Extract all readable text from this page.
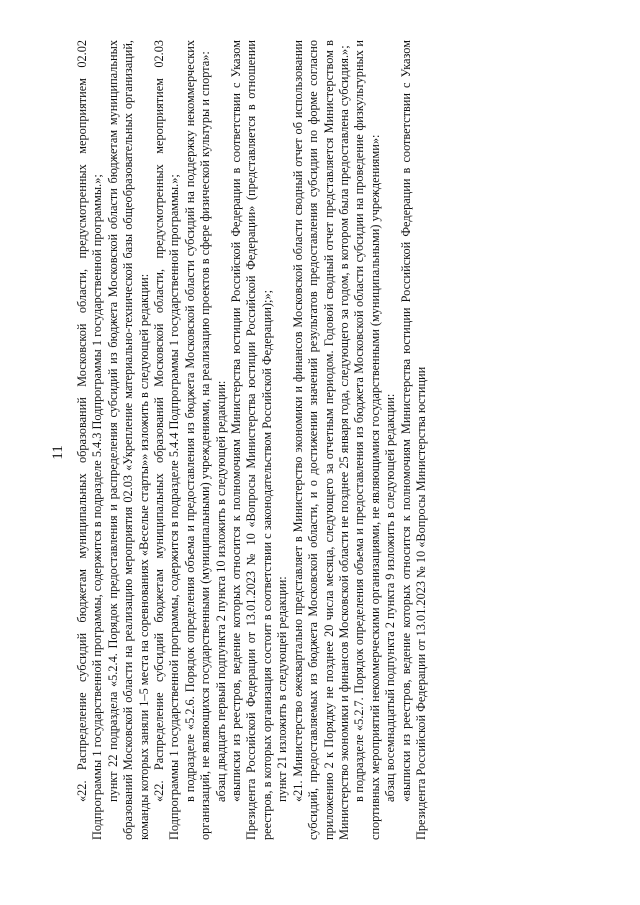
11 «22. Распределение субсидий бюджетам муниципальных образований Московской области, предусмотренных мероприятием 02.02 Подпрограммы 1 государственной программы, содержится в подразделе 5.4.3 Подпрограммы 1 государственной программы.»; пункт 22 подраздела «5.2.4. Порядок предоставления и распределения субсидий из бюджета Московской области бюджетам муниципальных образований Московской области на реализацию мероприятия 02.03 «Укрепление материально-технической базы общеобразовательных организаций, команды которых заняли 1–5 места на соревнованиях «Веселые старты»» изложить в следующей редакции: «22. Распределение субсидий бюджетам муниципальных образований Московской области, предусмотренных мероприятием 02.03 Подпрограммы 1 государственной программы, содержится в подразделе 5.4.4 Подпрограммы 1 государственной программы.»; в подразделе «5.2.6. Порядок определения объема и предоставления из бюджета Московской области субсидий на поддержку некоммерческих организаций, не являющихся государственными (муниципальными) учреждениями, на реализацию проектов в сфере физической культуры и спорта»: абзац двадцать первый подпункта 2 пункта 10 изложить в следующей редакции: «выписки из реестров, ведение которых относится к полномочиям Министерства юстиции Российской Федерации в соответствии с Указом Президента Российской Федерации от 13.01.2023 № 10 «Вопросы Министерства юстиции Российской Федерации» (представляется в отношении реестров, в которых организация состоит в соответствии с законодательством Российской Федерации);»; пункт 21 изложить в следующей редакции: «21. Министерство ежеквартально представляет в Министерство экономики и финансов Московской области сводный отчет об использовании субсидий, предоставляемых из бюджета Московской области, и о достижении значений результатов предоставления субсидии по форме согласно приложению 2 к Порядку не позднее 20 числа месяца, следующего за отчетным периодом. Годовой сводный отчет представляется Министерством в Министерство экономики и финансов Московской области не позднее 25 января года, следующего за годом, в котором была предоставлена субсидия.»; в подразделе «5.2.7. Порядок определения объема и предоставления из бюджета Московской области субсидии на проведение физкультурных и спортивных мероприятий некоммерческими организациями, не являющимися государственными (муниципальными) учреждениями»: абзац восемнадцатый подпункта 2 пункта 9 изложить в следующей редакции: «выписки из реестров, ведение которых относится к полномочиям Министерства юстиции Российской Федерации в соответствии с Указом Президента Российской Федерации от 13.01.2023 № 10 «Вопросы Министерства юстиции
